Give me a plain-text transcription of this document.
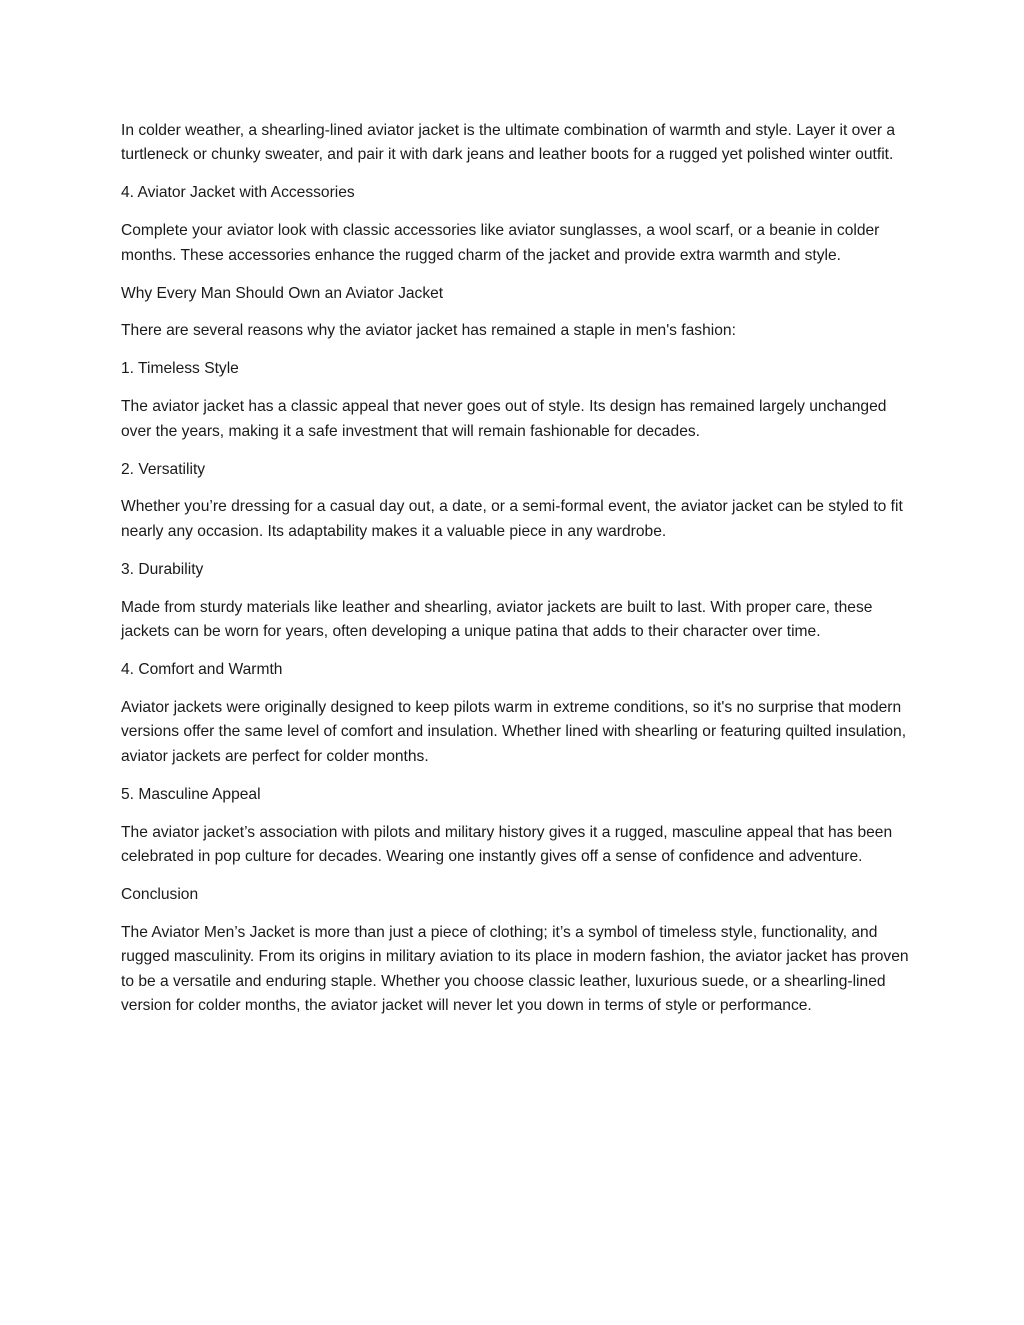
In colder weather, a shearling-lined aviator jacket is the ultimate combination of warmth and style. Layer it over a turtleneck or chunky sweater, and pair it with dark jeans and leather boots for a rugged yet polished winter outfit.

4. Aviator Jacket with Accessories

Complete your aviator look with classic accessories like aviator sunglasses, a wool scarf, or a beanie in colder months. These accessories enhance the rugged charm of the jacket and provide extra warmth and style.

Why Every Man Should Own an Aviator Jacket

There are several reasons why the aviator jacket has remained a staple in men's fashion:

1. Timeless Style

The aviator jacket has a classic appeal that never goes out of style. Its design has remained largely unchanged over the years, making it a safe investment that will remain fashionable for decades.

2. Versatility

Whether you’re dressing for a casual day out, a date, or a semi-formal event, the aviator jacket can be styled to fit nearly any occasion. Its adaptability makes it a valuable piece in any wardrobe.

3. Durability

Made from sturdy materials like leather and shearling, aviator jackets are built to last. With proper care, these jackets can be worn for years, often developing a unique patina that adds to their character over time.

4. Comfort and Warmth

Aviator jackets were originally designed to keep pilots warm in extreme conditions, so it's no surprise that modern versions offer the same level of comfort and insulation. Whether lined with shearling or featuring quilted insulation, aviator jackets are perfect for colder months.

5. Masculine Appeal

The aviator jacket’s association with pilots and military history gives it a rugged, masculine appeal that has been celebrated in pop culture for decades. Wearing one instantly gives off a sense of confidence and adventure.

Conclusion

The Aviator Men’s Jacket is more than just a piece of clothing; it’s a symbol of timeless style, functionality, and rugged masculinity. From its origins in military aviation to its place in modern fashion, the aviator jacket has proven to be a versatile and enduring staple. Whether you choose classic leather, luxurious suede, or a shearling-lined version for colder months, the aviator jacket will never let you down in terms of style or performance.
